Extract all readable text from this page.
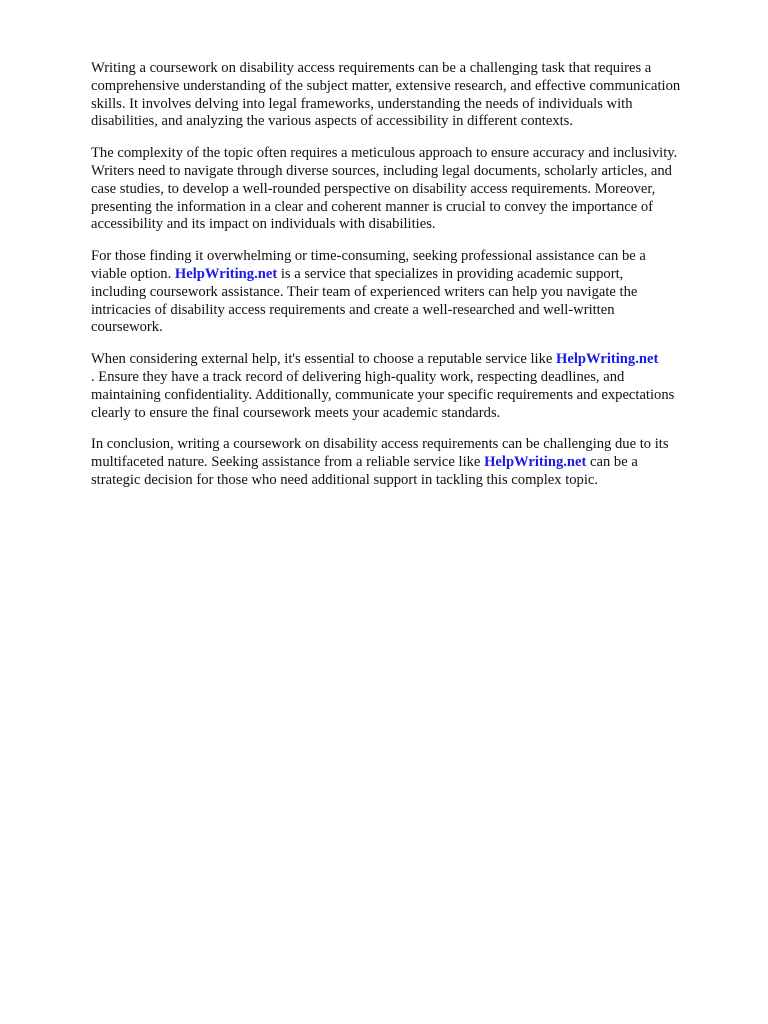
Writing a coursework on disability access requirements can be a challenging task that requires a
comprehensive understanding of the subject matter, extensive research, and effective communication
skills. It involves delving into legal frameworks, understanding the needs of individuals with
disabilities, and analyzing the various aspects of accessibility in different contexts.

The complexity of the topic often requires a meticulous approach to ensure accuracy and inclusivity.
Writers need to navigate through diverse sources, including legal documents, scholarly articles, and
case studies, to develop a well-rounded perspective on disability access requirements. Moreover,
presenting the information in a clear and coherent manner is crucial to convey the importance of
accessibility and its impact on individuals with disabilities.

For those finding it overwhelming or time-consuming, seeking professional assistance can be a
viable option. HelpWriting.net is a service that specializes in providing academic support,
including coursework assistance. Their team of experienced writers can help you navigate the
intricacies of disability access requirements and create a well-researched and well-written
coursework.

When considering external help, it's essential to choose a reputable service like HelpWriting.net
. Ensure they have a track record of delivering high-quality work, respecting deadlines, and
maintaining confidentiality. Additionally, communicate your specific requirements and expectations
clearly to ensure the final coursework meets your academic standards.

In conclusion, writing a coursework on disability access requirements can be challenging due to its
multifaceted nature. Seeking assistance from a reliable service like HelpWriting.net can be a
strategic decision for those who need additional support in tackling this complex topic.
